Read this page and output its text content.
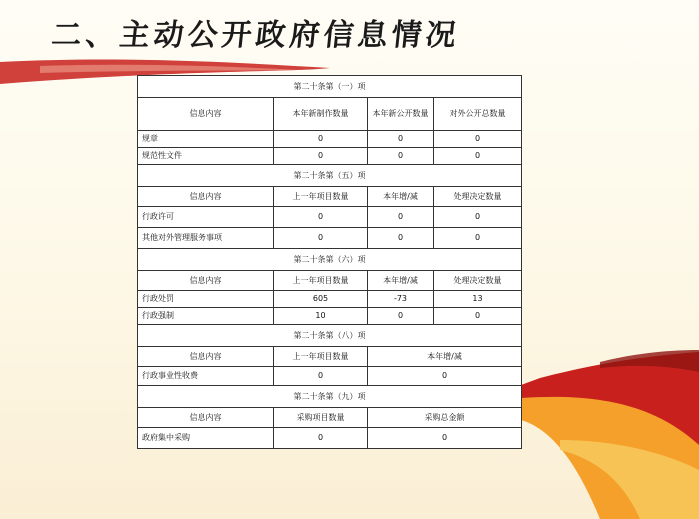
二、主动公开政府信息情况
第二十条第（一）项			
信息内容	本年新制作数量	本年新公开数量	对外公开总数量
规章	0	0	0
规范性文件	0	0	0
第二十条第（五）项			
信息内容	上一年项目数量	本年增/减	处理决定数量
行政许可	0	0	0
其他对外管理服务事项	0	0	0
第二十条第（六）项			
信息内容	上一年项目数量	本年增/减	处理决定数量
行政处罚	605	-73	13
行政强制	10	0	0
第二十条第（八）项			
信息内容	上一年项目数量	本年增/减	
行政事业性收费	0	0	
第二十条第（九）项			
信息内容	采购项目数量	采购总金额	
政府集中采购	0	0	
